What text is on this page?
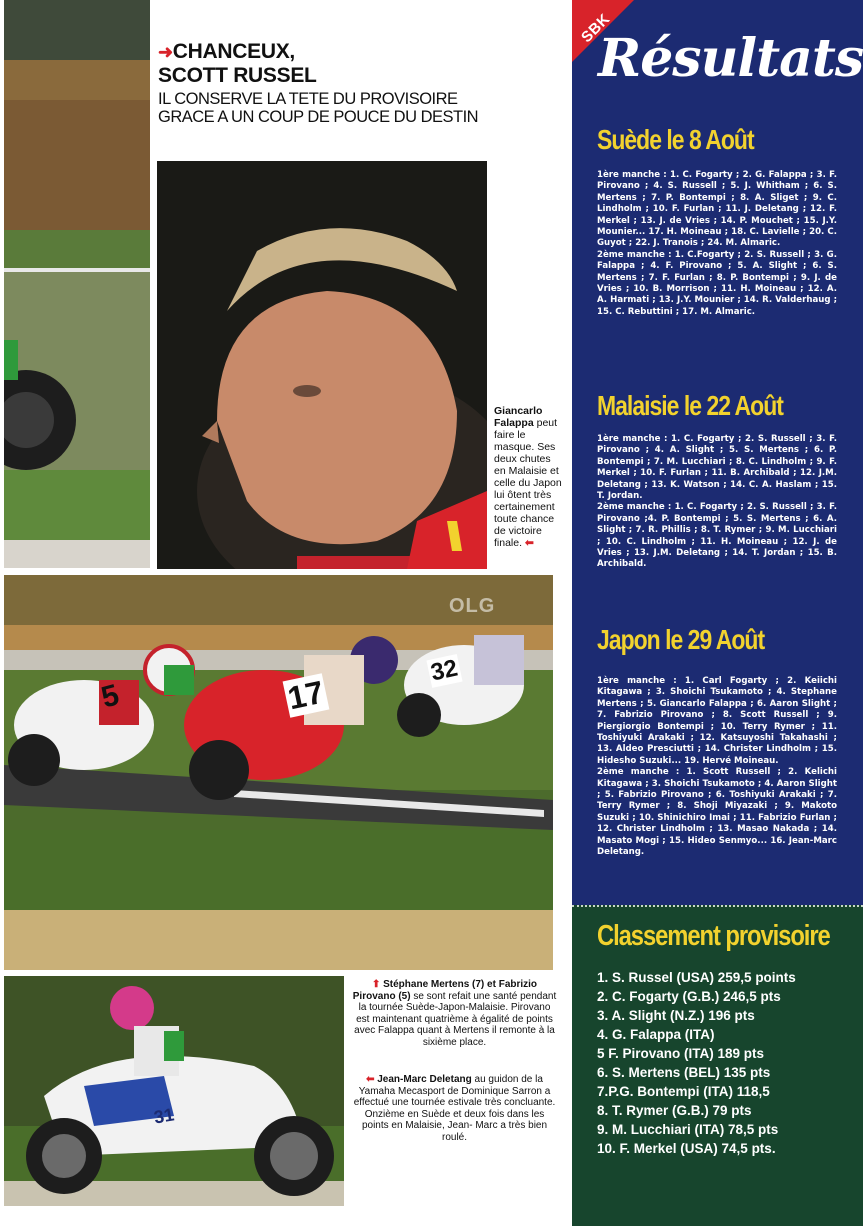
➜CHANCEUX,
SCOTT RUSSEL
IL CONSERVE LA TETE DU PROVISOIRE
GRACE A UN COUP DE POUCE DU DESTIN
Giancarlo Falappa peut faire le masque. Ses deux chutes en Malaisie et celle du Japon lui ôtent très certainement toute chance de victoire finale. ⬅
5	17
32
OLG
31
⬆ Stéphane Mertens (7) et Fabrizio Pirovano (5) se sont refait une santé pendant la tournée Suède-Japon-Malaisie. Pirovano est maintenant quatrième à égalité de points avec Falappa quant à Mertens il remonte à la sixième place.
⬅ Jean-Marc Deletang au guidon de la Yamaha Mecasport de Dominique Sarron a effectué une tournée estivale très concluante. Onzième en Suède et deux fois dans les points en Malaisie, Jean- Marc a très bien roulé.
SBK
Résultats
Suède le 8 Août

1ère manche : 1. C. Fogarty ; 2. G. Falappa ; 3. F. Pirovano ; 4. S. Russell ; 5. J. Whitham ; 6. S. Mertens ; 7. P. Bontempi ; 8. A. Sliget ; 9. C. Lindholm ; 10. F. Furlan ; 11. J. Deletang ; 12. F. Merkel ; 13. J. de Vries ; 14. P. Mouchet ; 15. J.Y. Mounier... 17. H. Moineau ; 18. C. Lavielle ; 20. C. Guyot ; 22. J. Tranois ; 24. M. Almaric.

2ème manche : 1. C.Fogarty ; 2. S. Russell ; 3. G. Falappa ; 4. F. Pirovano ; 5. A. Slight ; 6. S. Mertens ; 7. F. Furlan ; 8. P. Bontempi ; 9. J. de Vries ; 10. B. Morrison ; 11. H. Moineau ; 12. A. A. Harmati ; 13. J.Y. Mounier ; 14. R. Valderhaug ; 15. C. Rebuttini ; 17. M. Almaric.

Malaisie le 22 Août

1ère manche : 1. C. Fogarty ; 2. S. Russell ; 3. F. Pirovano ; 4. A. Slight ; 5. S. Mertens ; 6. P. Bontempi ; 7. M. Lucchiari ; 8. C. Lindholm ; 9. F. Merkel ; 10. F. Furlan ; 11. B. Archibald ; 12. J.M. Deletang ; 13. K. Watson ; 14. C. A. Haslam ; 15. T. Jordan.

2ème manche : 1. C. Fogarty ; 2. S. Russell ; 3. F. Pirovano ;4. P. Bontempi ; 5. S. Mertens ; 6. A. Slight ; 7. R. Phillis ; 8. T. Rymer ; 9. M. Lucchiari ; 10. C. Lindholm ; 11. H. Moineau ; 12. J. de Vries ; 13. J.M. Deletang ; 14. T. Jordan ; 15. B. Archibald.

Japon le 29 Août

1ère manche : 1. Carl Fogarty ; 2. Keiichi Kitagawa ; 3. Shoichi Tsukamoto ; 4. Stephane Mertens ; 5. Giancarlo Falappa ; 6. Aaron Slight ; 7. Fabrizio Pirovano ; 8. Scott Russell ; 9. Piergiorgio Bontempi ; 10. Terry Rymer ; 11. Toshiyuki Arakaki ; 12. Katsuyoshi Takahashi ; 13. Aldeo Presciutti ; 14. Christer Lindholm ; 15. Hidesho Suzuki... 19. Hervé Moineau.

2ème manche : 1. Scott Russell ; 2. Kelichi Kitagawa ; 3. Shoichi Tsukamoto ; 4. Aaron Slight ; 5. Fabrizio Pirovano ; 6. Toshiyuki Arakaki ; 7. Terry Rymer ; 8. Shoji Miyazaki ; 9. Makoto Suzuki ; 10. Shinichiro Imai ; 11. Fabrizio Furlan ; 12. Christer Lindholm ; 13. Masao Nakada ; 14. Masato Mogi ; 15. Hideo Senmyo... 16. Jean-Marc Deletang.

Classement provisoire
1. S. Russel (USA) 259,5 points
2. C. Fogarty (G.B.) 246,5 pts
3. A. Slight (N.Z.) 196 pts
4. G. Falappa (ITA)
5 F. Pirovano (ITA) 189 pts
6. S. Mertens (BEL) 135 pts
7.P.G. Bontempi (ITA) 118,5
8. T. Rymer (G.B.) 79 pts
9. M. Lucchiari (ITA) 78,5 pts
10. F. Merkel (USA) 74,5 pts.
